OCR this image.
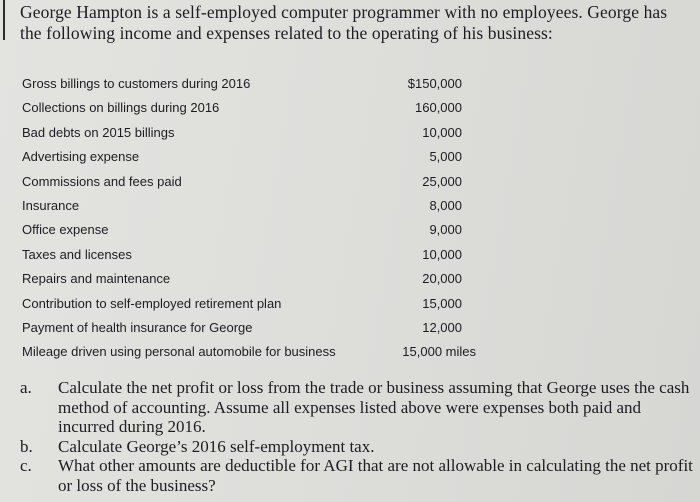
George Hampton is a self-employed computer programmer with no employees. George has the following income and expenses related to the operating of his business:
Gross billings to customers during 2016	$150,000
Collections on billings during 2016	160,000
Bad debts on 2015 billings	10,000
Advertising expense	5,000
Commissions and fees paid	25,000
Insurance	8,000
Office expense	9,000
Taxes and licenses	10,000
Repairs and maintenance	20,000
Contribution to self-employed retirement plan	15,000
Payment of health insurance for George	12,000
Mileage driven using personal automobile for business	15,000 miles
a.	Calculate the net profit or loss from the trade or business assuming that George uses the cash method of accounting. Assume all expenses listed above were expenses both paid and incurred during 2016.
b.	Calculate George’s 2016 self-employment tax.
c.	What other amounts are deductible for AGI that are not allowable in calculating the net profit or loss of the business?
